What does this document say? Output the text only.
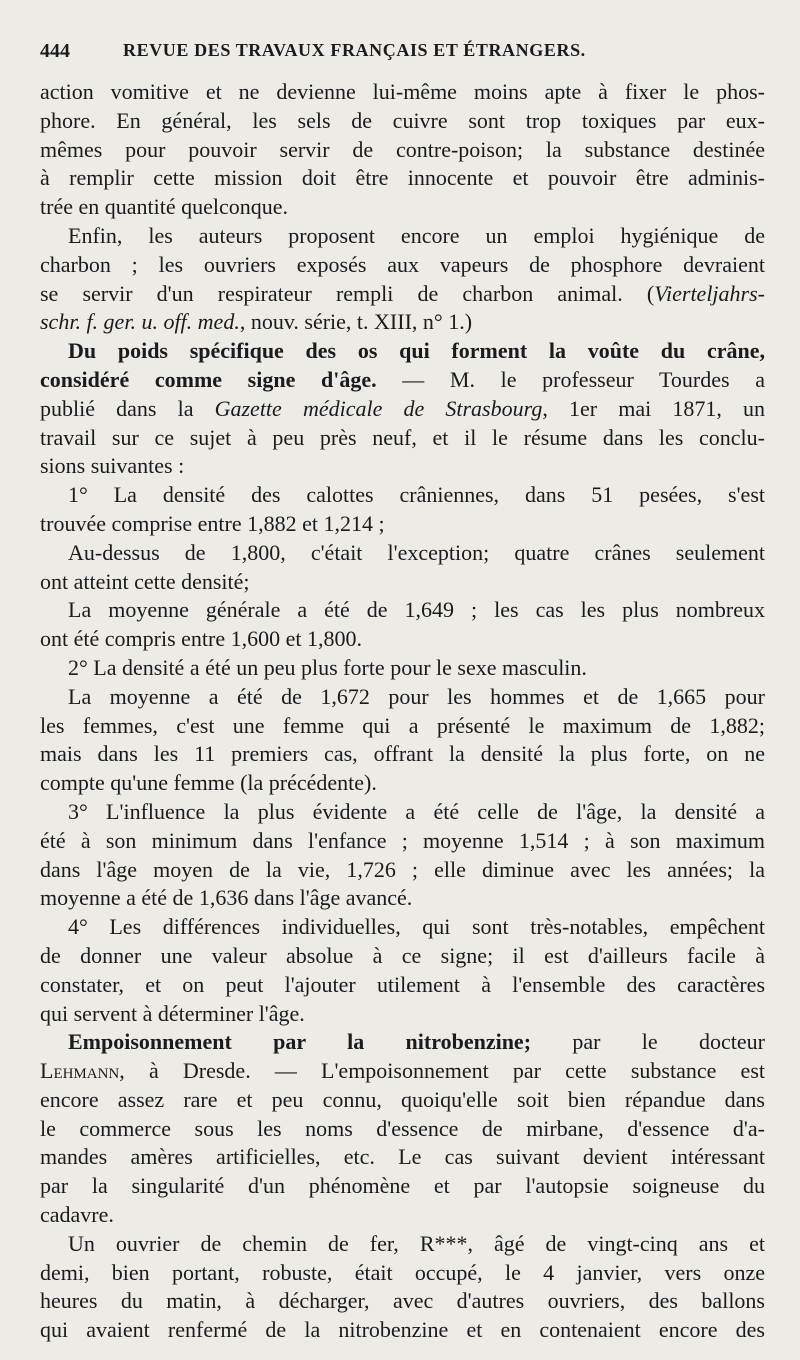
444	REVUE DES TRAVAUX FRANÇAIS ET ÉTRANGERS.
action vomitive et ne devienne lui-même moins apte à fixer le phos-
phore. En général, les sels de cuivre sont trop toxiques par eux-
mêmes pour pouvoir servir de contre-poison; la substance destinée
à remplir cette mission doit être innocente et pouvoir être adminis-
trée en quantité quelconque.
Enfin, les auteurs proposent encore un emploi hygiénique de
charbon ; les ouvriers exposés aux vapeurs de phosphore devraient
se servir d'un respirateur rempli de charbon animal. (Vierteljahrs-
schr. f. ger. u. off. med., nouv. série, t. XIII, n° 1.)
Du poids spécifique des os qui forment la voûte du crâne,
considéré comme signe d'âge. — M. le professeur Tourdes a
publié dans la Gazette médicale de Strasbourg, 1er mai 1871, un
travail sur ce sujet à peu près neuf, et il le résume dans les conclu-
sions suivantes :
1° La densité des calottes crâniennes, dans 51 pesées, s'est
trouvée comprise entre 1,882 et 1,214 ;
Au-dessus de 1,800, c'était l'exception; quatre crânes seulement
ont atteint cette densité;
La moyenne générale a été de 1,649 ; les cas les plus nombreux
ont été compris entre 1,600 et 1,800.
2° La densité a été un peu plus forte pour le sexe masculin.
La moyenne a été de 1,672 pour les hommes et de 1,665 pour
les femmes, c'est une femme qui a présenté le maximum de 1,882;
mais dans les 11 premiers cas, offrant la densité la plus forte, on ne
compte qu'une femme (la précédente).
3° L'influence la plus évidente a été celle de l'âge, la densité a
été à son minimum dans l'enfance ; moyenne 1,514 ; à son maximum
dans l'âge moyen de la vie, 1,726 ; elle diminue avec les années; la
moyenne a été de 1,636 dans l'âge avancé.
4° Les différences individuelles, qui sont très-notables, empêchent
de donner une valeur absolue à ce signe; il est d'ailleurs facile à
constater, et on peut l'ajouter utilement à l'ensemble des caractères
qui servent à déterminer l'âge.
Empoisonnement par la nitrobenzine; par le docteur
Lehmann, à Dresde. — L'empoisonnement par cette substance est
encore assez rare et peu connu, quoiqu'elle soit bien répandue dans
le commerce sous les noms d'essence de mirbane, d'essence d'a-
mandes amères artificielles, etc. Le cas suivant devient intéressant
par la singularité d'un phénomène et par l'autopsie soigneuse du
cadavre.
Un ouvrier de chemin de fer, R***, âgé de vingt-cinq ans et
demi, bien portant, robuste, était occupé, le 4 janvier, vers onze
heures du matin, à décharger, avec d'autres ouvriers, des ballons
qui avaient renfermé de la nitrobenzine et en contenaient encore des
